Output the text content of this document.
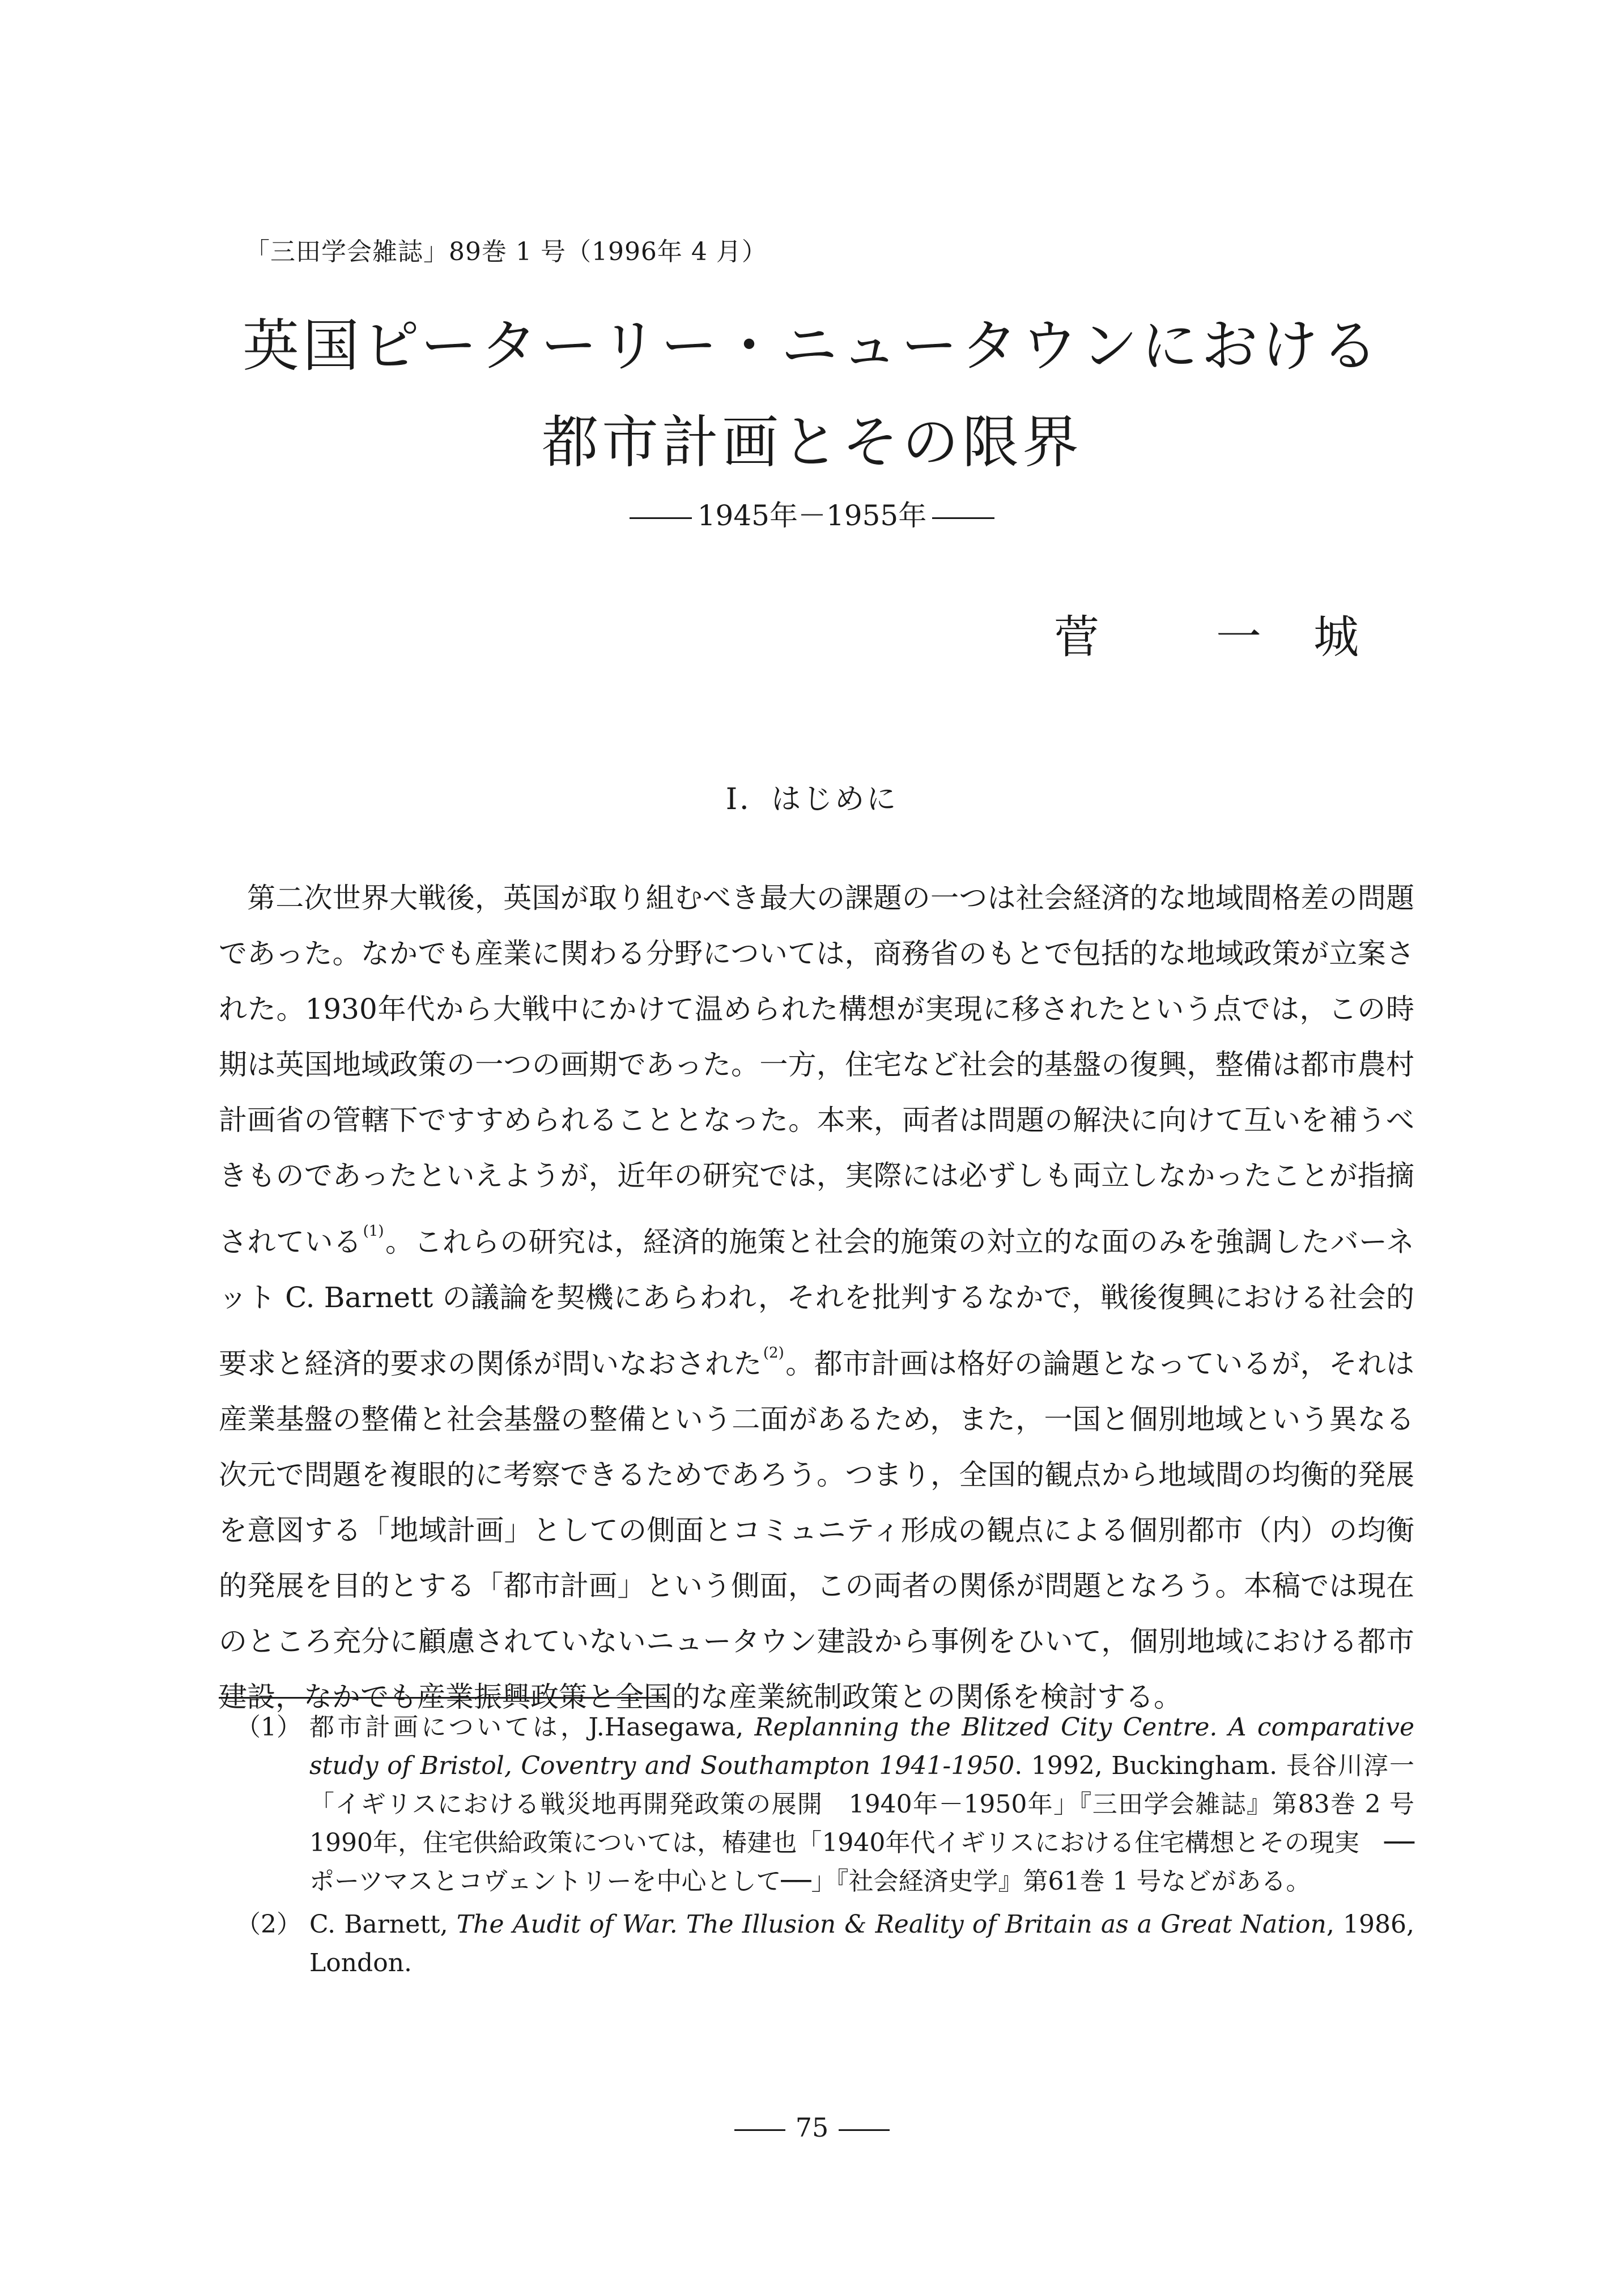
「三田学会雑誌」89巻 1 号（1996年 4 月）
英国ピーターリー・ニュータウンにおける
都市計画とその限界
1945年－1955年
菅	一　城
Ⅰ．はじめに

第二次世界大戦後，英国が取り組むべき最大の課題の一つは社会経済的な地域間格差の問題であった。なかでも産業に関わる分野については，商務省のもとで包括的な地域政策が立案された。1930年代から大戦中にかけて温められた構想が実現に移されたという点では，この時期は英国地域政策の一つの画期であった。一方，住宅など社会的基盤の復興，整備は都市農村計画省の管轄下ですすめられることとなった。本来，両者は問題の解決に向けて互いを補うべきものであったといえようが，近年の研究では，実際には必ずしも両立しなかったことが指摘されている$^{(1)}$。これらの研究は，経済的施策と社会的施策の対立的な面のみを強調したバーネット C. Barnett の議論を契機にあらわれ，それを批判するなかで，戦後復興における社会的要求と経済的要求の関係が問いなおされた$^{(2)}$。都市計画は格好の論題となっているが，それは産業基盤の整備と社会基盤の整備という二面があるため，また，一国と個別地域という異なる次元で問題を複眼的に考察できるためであろう。つまり，全国的観点から地域間の均衡的発展を意図する「地域計画」としての側面とコミュニティ形成の観点による個別都市（内）の均衡的発展を目的とする「都市計画」という側面，この両者の関係が問題となろう。本稿では現在のところ充分に顧慮されていないニュータウン建設から事例をひいて，個別地域における都市建設，なかでも産業振興政策と全国的な産業統制政策との関係を検討する。

（1） 都市計画については，J.Hasegawa, Replanning the Blitzed City Centre. A comparative study of Bristol, Coventry and Southampton 1941-1950. 1992, Buckingham. 長谷川淳一「イギリスにおける戦災地再開発政策の展開　1940年－1950年」『三田学会雑誌』第83巻 2 号　1990年，住宅供給政策については，椿建也「1940年代イギリスにおける住宅構想とその現実　──ポーツマスとコヴェントリーを中心として──」『社会経済史学』第61巻 1 号などがある。
（2） C. Barnett, The Audit of War. The Illusion & Reality of Britain as a Great Nation, 1986, London.
75
